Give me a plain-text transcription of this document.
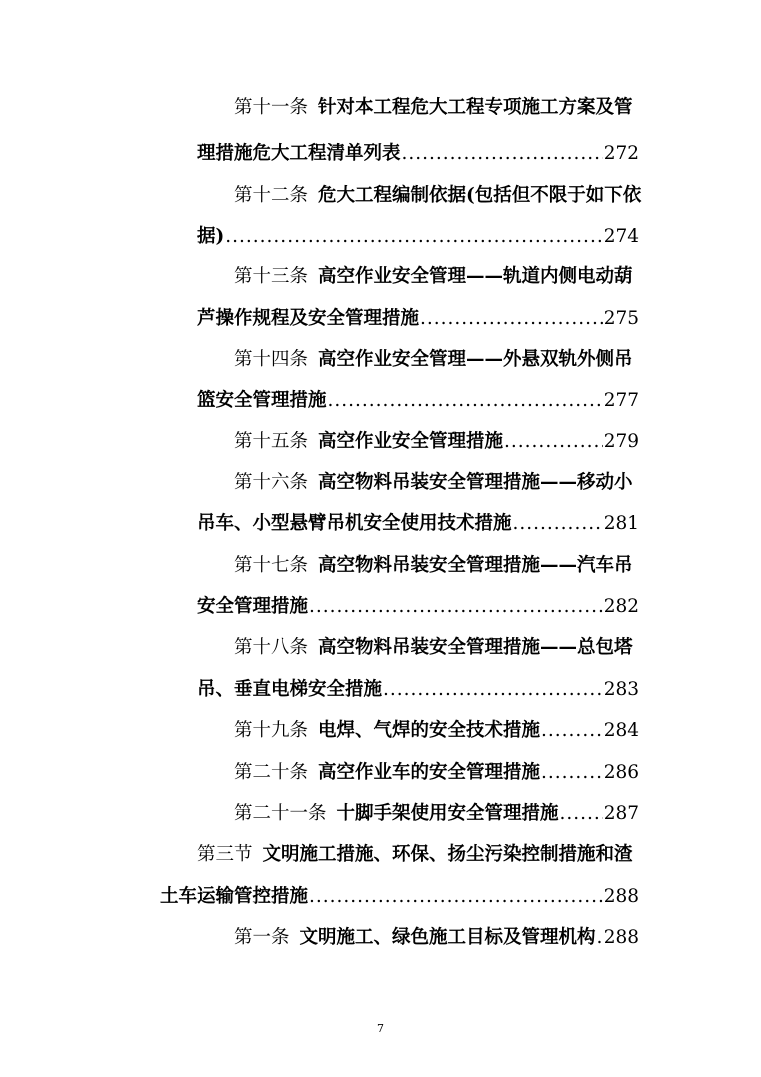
第十一条 针对本工程危大工程专项施工方案及管
理措施危大工程清单列表 .....	272
第十二条 危大工程编制依据(包括但不限于如下依
据) .....	274
第十三条 高空作业安全管理——轨道内侧电动葫
芦操作规程及安全管理措施 .....	275
第十四条 高空作业安全管理——外悬双轨外侧吊
篮安全管理措施 .....	277
第十五条 高空作业安全管理措施 .....	279
第十六条 高空物料吊装安全管理措施——移动小
吊车、小型悬臂吊机安全使用技术措施 .....	281
第十七条 高空物料吊装安全管理措施——汽车吊
安全管理措施 .....	282
第十八条 高空物料吊装安全管理措施——总包塔
吊、垂直电梯安全措施 .....	283
第十九条 电焊、气焊的安全技术措施 .....	284
第二十条 高空作业车的安全管理措施 .....	286
第二十一条 十脚手架使用安全管理措施 ..... 287
第三节 文明施工措施、环保、扬尘污染控制措施和渣
土车运输管控措施 .....	288
第一条 文明施工、绿色施工目标及管理机构 ..... 288
7
